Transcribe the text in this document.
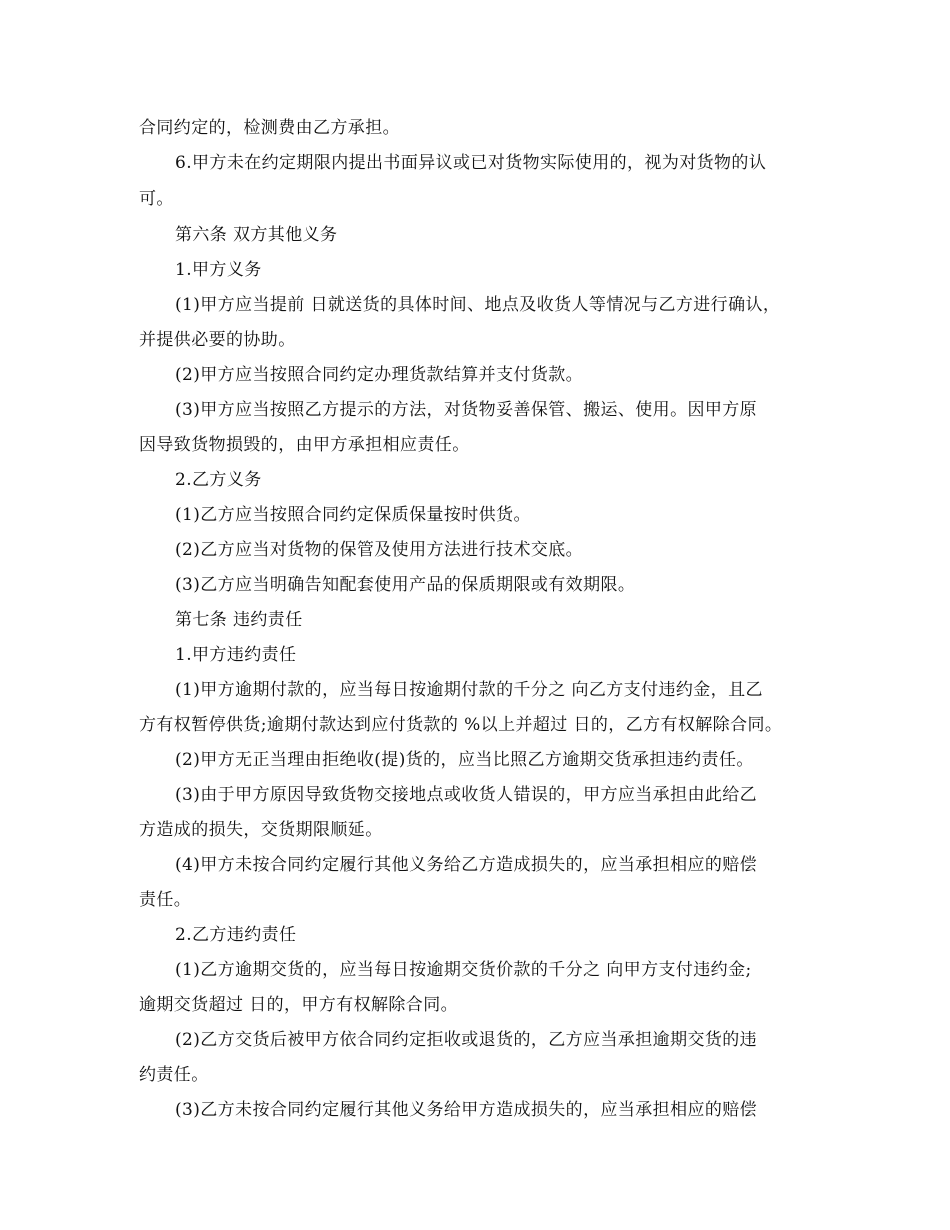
合同约定的，检测费由乙方承担。
6.甲方未在约定期限内提出书面异议或已对货物实际使用的，视为对货物的认
可。
第六条 双方其他义务
1.甲方义务
(1)甲方应当提前 日就送货的具体时间、地点及收货人等情况与乙方进行确认，
并提供必要的协助。
(2)甲方应当按照合同约定办理货款结算并支付货款。
(3)甲方应当按照乙方提示的方法，对货物妥善保管、搬运、使用。因甲方原
因导致货物损毁的，由甲方承担相应责任。
2.乙方义务
(1)乙方应当按照合同约定保质保量按时供货。
(2)乙方应当对货物的保管及使用方法进行技术交底。
(3)乙方应当明确告知配套使用产品的保质期限或有效期限。
第七条 违约责任
1.甲方违约责任
(1)甲方逾期付款的，应当每日按逾期付款的千分之 向乙方支付违约金，且乙
方有权暂停供货;逾期付款达到应付货款的 %以上并超过 日的，乙方有权解除合同。
(2)甲方无正当理由拒绝收(提)货的，应当比照乙方逾期交货承担违约责任。
(3)由于甲方原因导致货物交接地点或收货人错误的，甲方应当承担由此给乙
方造成的损失，交货期限顺延。
(4)甲方未按合同约定履行其他义务给乙方造成损失的，应当承担相应的赔偿
责任。
2.乙方违约责任
(1)乙方逾期交货的，应当每日按逾期交货价款的千分之 向甲方支付违约金;
逾期交货超过 日的，甲方有权解除合同。
(2)乙方交货后被甲方依合同约定拒收或退货的，乙方应当承担逾期交货的违
约责任。
(3)乙方未按合同约定履行其他义务给甲方造成损失的，应当承担相应的赔偿
